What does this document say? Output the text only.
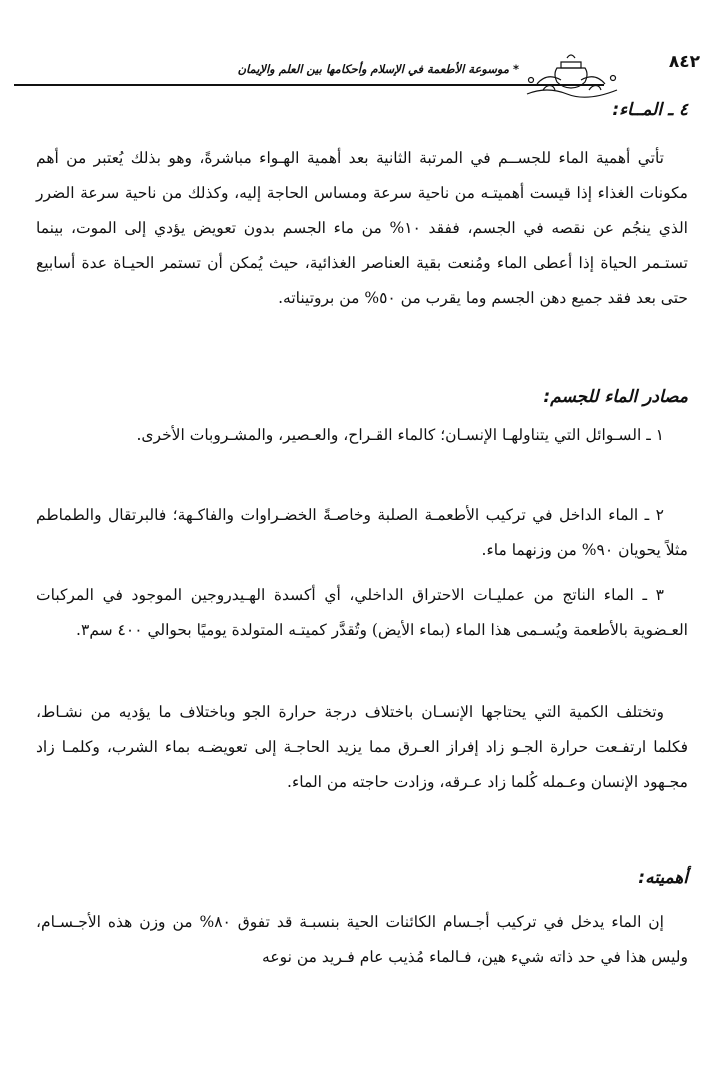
* موسوعة الأطعمة في الإسلام وأحكامها بين العلم والإيمان	٨٤٢
٤ ـ المــاء:

تأتي أهمية الماء للجســم في المرتبة الثانية بعد أهمية الهـواء مباشرةً، وهو بذلك يُعتبر من أهم مكونات الغذاء إذا قيست أهميتـه من ناحية سرعة ومساس الحاجة إليه، وكذلك من ناحية سرعة الضرر الذي ينجُم عن نقصه في الجسم، ففقد ١٠% من ماء الجسم بدون تعويض يؤدي إلى الموت، بينما تستـمر الحياة إذا أعطى الماء ومُنعت بقية العناصر الغذائية، حيث يُمكن أن تستمر الحيـاة عدة أسابيع حتى بعد فقد جميع دهن الجسم وما يقرب من ٥٠% من بروتيناته.

مصادر الماء للجسم:

١ ـ السـوائل التي يتناولهـا الإنسـان؛ كالماء القـراح، والعـصير، والمشـروبات الأخرى.

٢ ـ الماء الداخل في تركيب الأطعمـة الصلبة وخاصـةً الخضـراوات والفاكـهة؛ فالبرتقال والطماطم مثلاً يحويان ٩٠% من وزنهما ماء.

٣ ـ الماء الناتج من عمليـات الاحتراق الداخلي، أي أكسدة الهـيدروجين الموجود في المركبات العـضوية بالأطعمة ويُسـمى هذا الماء (بماء الأيض) وتُقدَّر كميتـه المتولدة يوميًا بحوالي ٤٠٠ سم٣.

وتختلف الكمية التي يحتاجها الإنسـان باختلاف درجة حرارة الجو وباختلاف ما يؤديه من نشـاط، فكلما ارتفـعت حرارة الجـو زاد إفراز العـرق مما يزيد الحاجـة إلى تعويضـه بماء الشرب، وكلمـا زاد مجـهود الإنسان وعـمله كُلما زاد عـرقه، وزادت حاجته من الماء.

أهميته:

إن الماء يدخل في تركيب أجـسام الكائنات الحية بنسبـة قد تفوق ٨٠% من وزن هذه الأجـسـام، وليس هذا في حد ذاته شيء هين، فـالماء مُذيب عام فـريد من نوعه
